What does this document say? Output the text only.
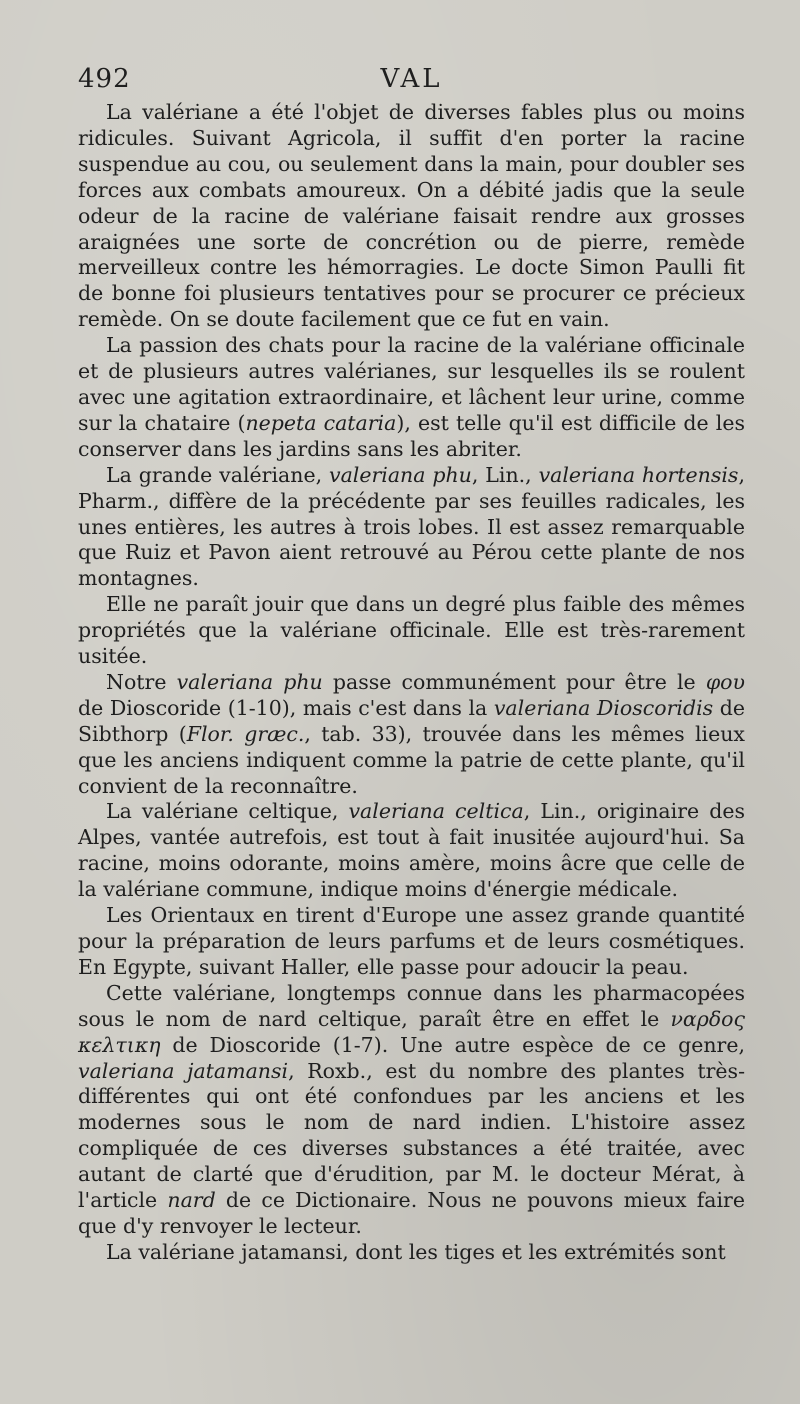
492	VAL

La valériane a été l'objet de diverses fables plus ou moins ridicules. Suivant Agricola, il suffit d'en porter la racine suspendue au cou, ou seulement dans la main, pour doubler ses forces aux combats amoureux. On a débité jadis que la seule odeur de la racine de valériane faisait rendre aux grosses araignées une sorte de concrétion ou de pierre, remède merveilleux contre les hémorragies. Le docte Simon Paulli fit de bonne foi plusieurs tentatives pour se procurer ce précieux remède. On se doute facilement que ce fut en vain.

La passion des chats pour la racine de la valériane officinale et de plusieurs autres valérianes, sur lesquelles ils se roulent avec une agitation extraordinaire, et lâchent leur urine, comme sur la chataire (nepeta cataria), est telle qu'il est difficile de les conserver dans les jardins sans les abriter.

La grande valériane, valeriana phu, Lin., valeriana hortensis, Pharm., diffère de la précédente par ses feuilles radicales, les unes entières, les autres à trois lobes. Il est assez remarquable que Ruiz et Pavon aient retrouvé au Pérou cette plante de nos montagnes.

Elle ne paraît jouir que dans un degré plus faible des mêmes propriétés que la valériane officinale. Elle est très-rarement usitée.

Notre valeriana phu passe communément pour être le φου de Dioscoride (1-10), mais c'est dans la valeriana Dioscoridis de Sibthorp (Flor. græc., tab. 33), trouvée dans les mêmes lieux que les anciens indiquent comme la patrie de cette plante, qu'il convient de la reconnaître.

La valériane celtique, valeriana celtica, Lin., originaire des Alpes, vantée autrefois, est tout à fait inusitée aujourd'hui. Sa racine, moins odorante, moins amère, moins âcre que celle de la valériane commune, indique moins d'énergie médicale.

Les Orientaux en tirent d'Europe une assez grande quantité pour la préparation de leurs parfums et de leurs cosmétiques. En Egypte, suivant Haller, elle passe pour adoucir la peau.

Cette valériane, longtemps connue dans les pharmacopées sous le nom de nard celtique, paraît être en effet le ναρδος κελτικη de Dioscoride (1-7). Une autre espèce de ce genre, valeriana jatamansi, Roxb., est du nombre des plantes très-différentes qui ont été confondues par les anciens et les modernes sous le nom de nard indien. L'histoire assez compliquée de ces diverses substances a été traitée, avec autant de clarté que d'érudition, par M. le docteur Mérat, à l'article nard de ce Dictionaire. Nous ne pouvons mieux faire que d'y renvoyer le lecteur.

La valériane jatamansi, dont les tiges et les extrémités sont
